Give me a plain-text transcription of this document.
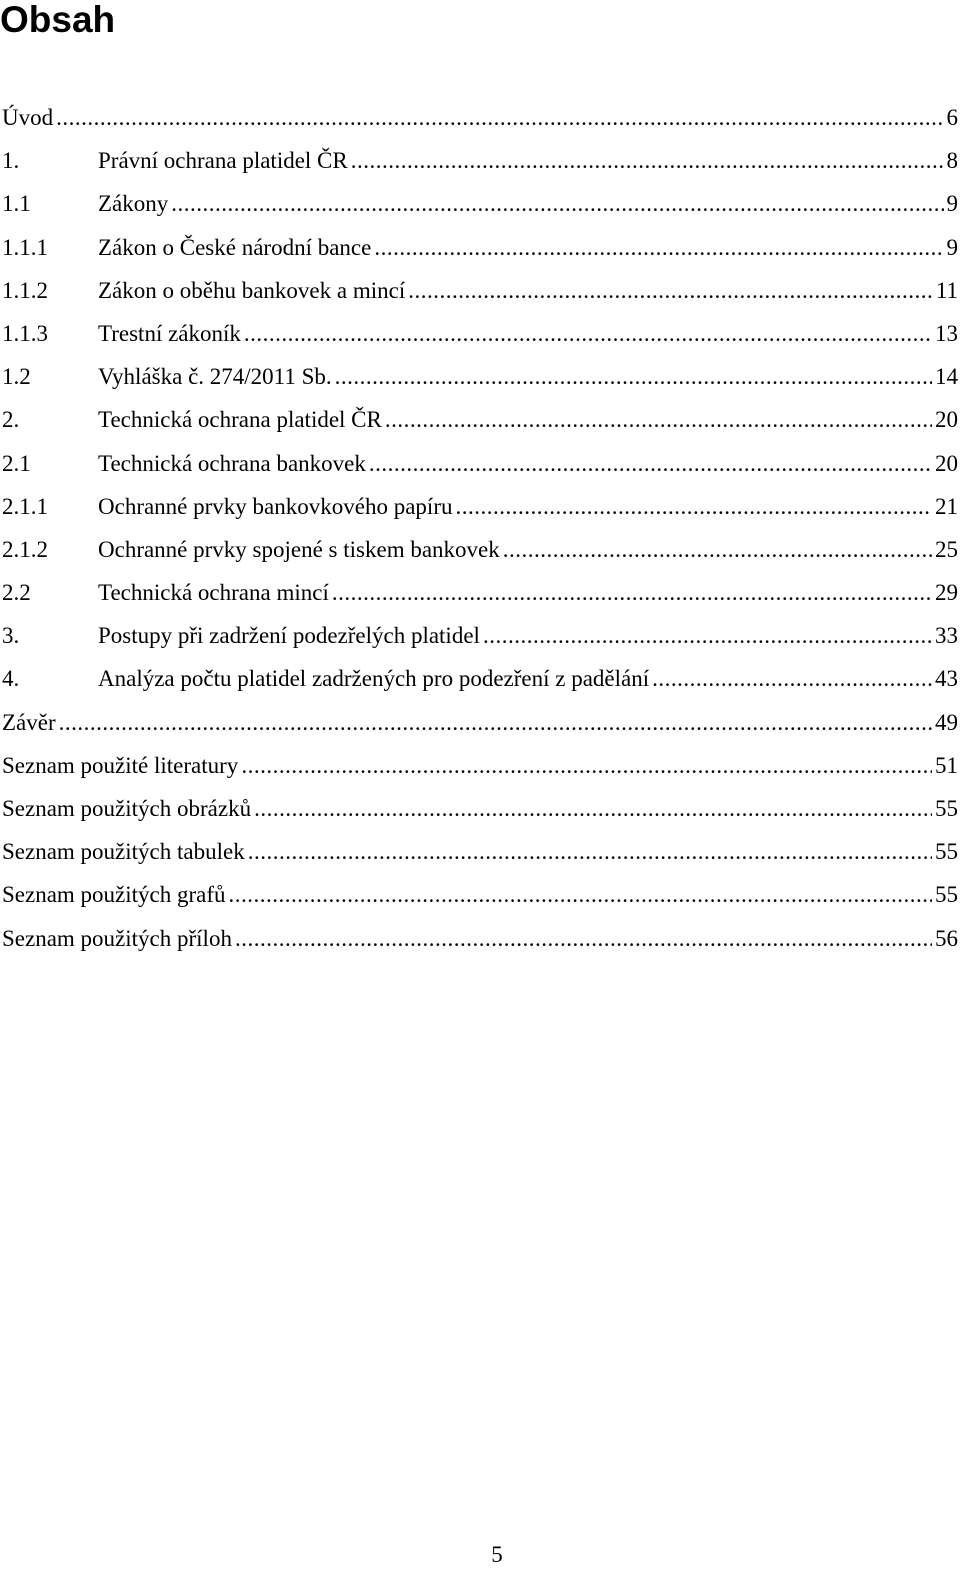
Obsah
Úvod .....	6
1.	Právní ochrana platidel ČR .....	8
1.1	Zákony .....	9
1.1.1	Zákon o České národní bance .....	9
1.1.2	Zákon o oběhu bankovek a mincí .....	11
1.1.3	Trestní zákoník .....	13
1.2	Vyhláška č. 274/2011 Sb. .....	14
2.	Technická ochrana platidel ČR .....	20
2.1	Technická ochrana bankovek .....	20
2.1.1	Ochranné prvky bankovkového papíru .....	21
2.1.2	Ochranné prvky spojené s tiskem bankovek .....	25
2.2	Technická ochrana mincí .....	29
3.	Postupy při zadržení podezřelých platidel .....	33
4.	Analýza počtu platidel zadržených pro podezření z padělání .....	43
Závěr .....	49
Seznam použité literatury .....	51
Seznam použitých obrázků .....	55
Seznam použitých tabulek .....	55
Seznam použitých grafů .....	55
Seznam použitých příloh .....	56
5
